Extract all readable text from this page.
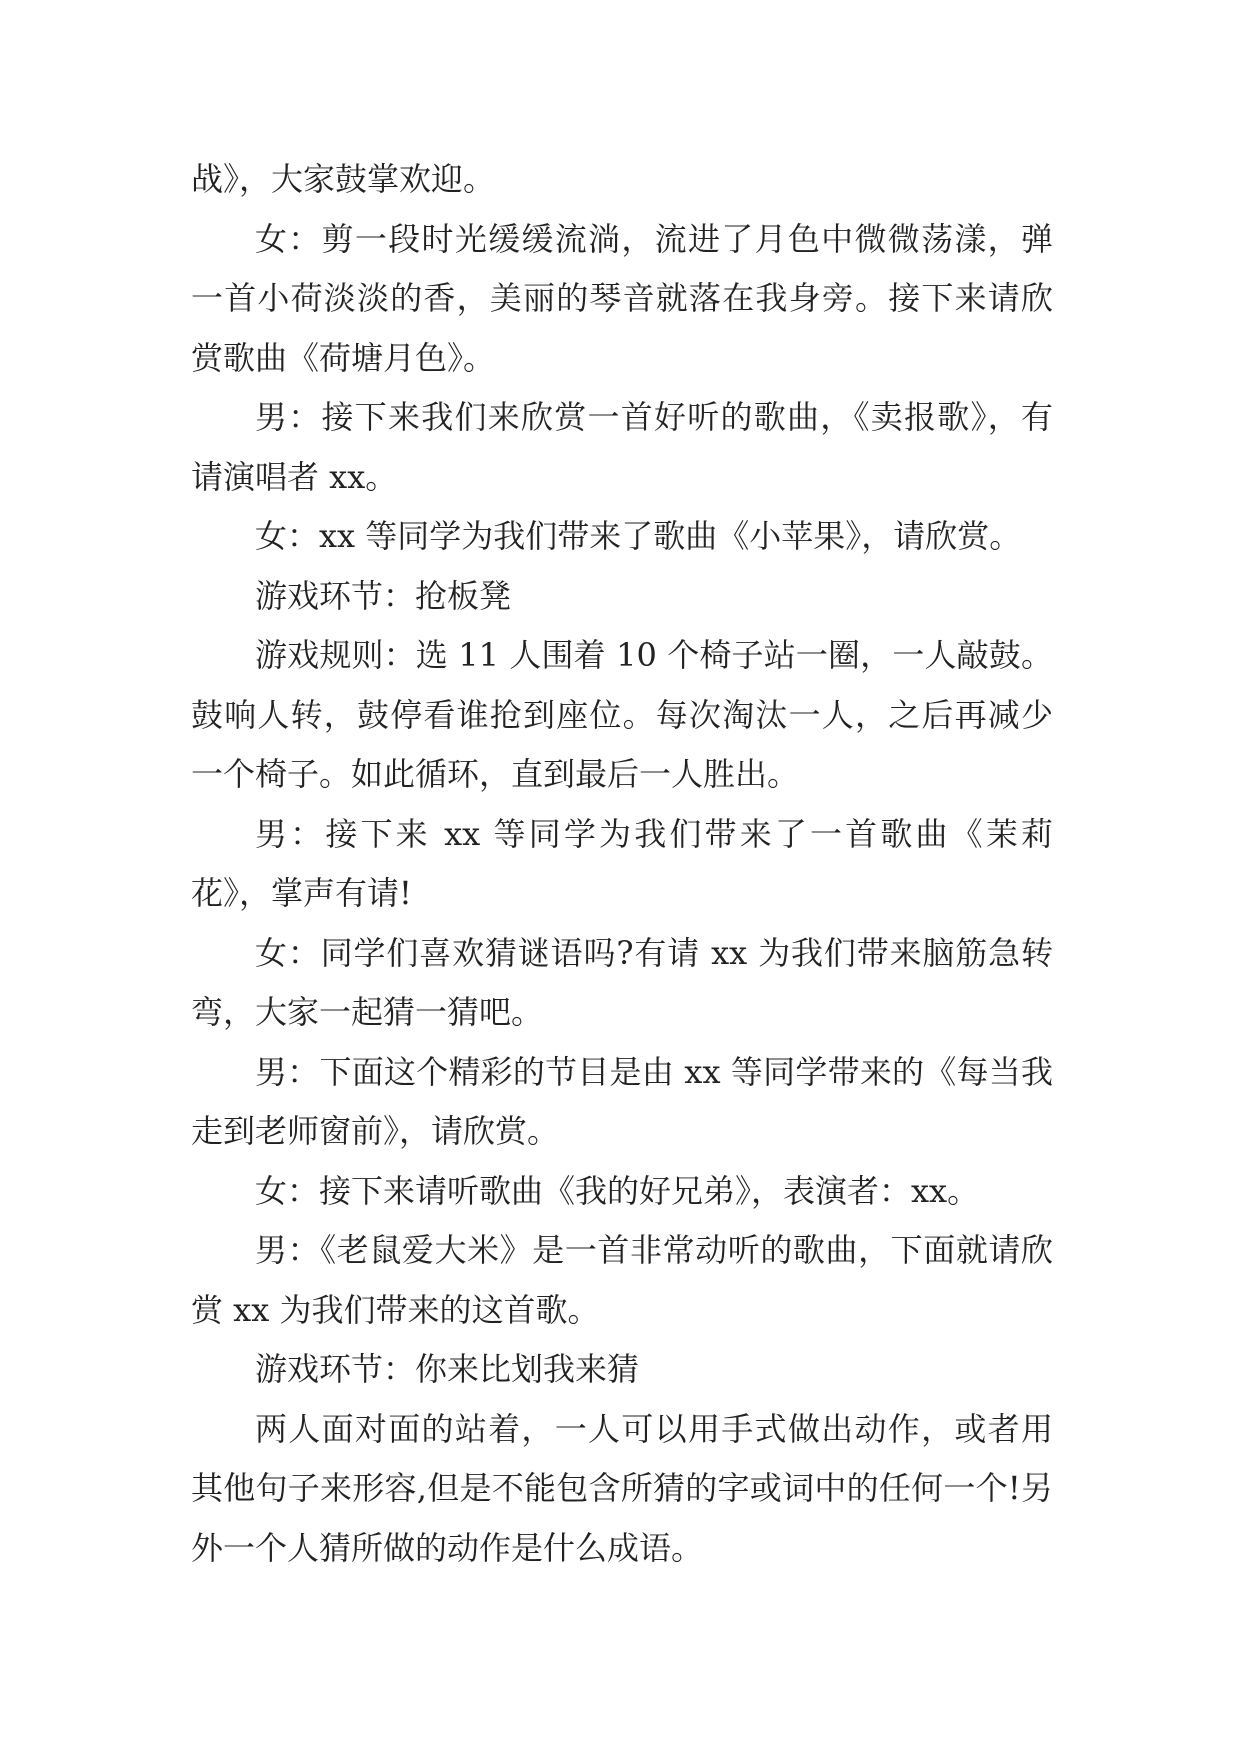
战》，大家鼓掌欢迎。

女：剪一段时光缓缓流淌，流进了月色中微微荡漾，弹一首小荷淡淡的香，美丽的琴音就落在我身旁。接下来请欣赏歌曲《荷塘月色》。

男：接下来我们来欣赏一首好听的歌曲，《卖报歌》，有请演唱者 xx。

女：xx 等同学为我们带来了歌曲《小苹果》，请欣赏。

游戏环节：抢板凳

游戏规则：选 11 人围着 10 个椅子站一圈，一人敲鼓。鼓响人转，鼓停看谁抢到座位。每次淘汰一人，之后再减少一个椅子。如此循环，直到最后一人胜出。

男：接下来 xx 等同学为我们带来了一首歌曲《茉莉花》，掌声有请!

女：同学们喜欢猜谜语吗?有请 xx 为我们带来脑筋急转弯，大家一起猜一猜吧。

男：下面这个精彩的节目是由 xx 等同学带来的《每当我走到老师窗前》，请欣赏。

女：接下来请听歌曲《我的好兄弟》，表演者：xx。

男：《老鼠爱大米》是一首非常动听的歌曲，下面就请欣赏 xx 为我们带来的这首歌。

游戏环节：你来比划我来猜

两人面对面的站着，一人可以用手式做出动作，或者用其他句子来形容,但是不能包含所猜的字或词中的任何一个!另外一个人猜所做的动作是什么成语。
